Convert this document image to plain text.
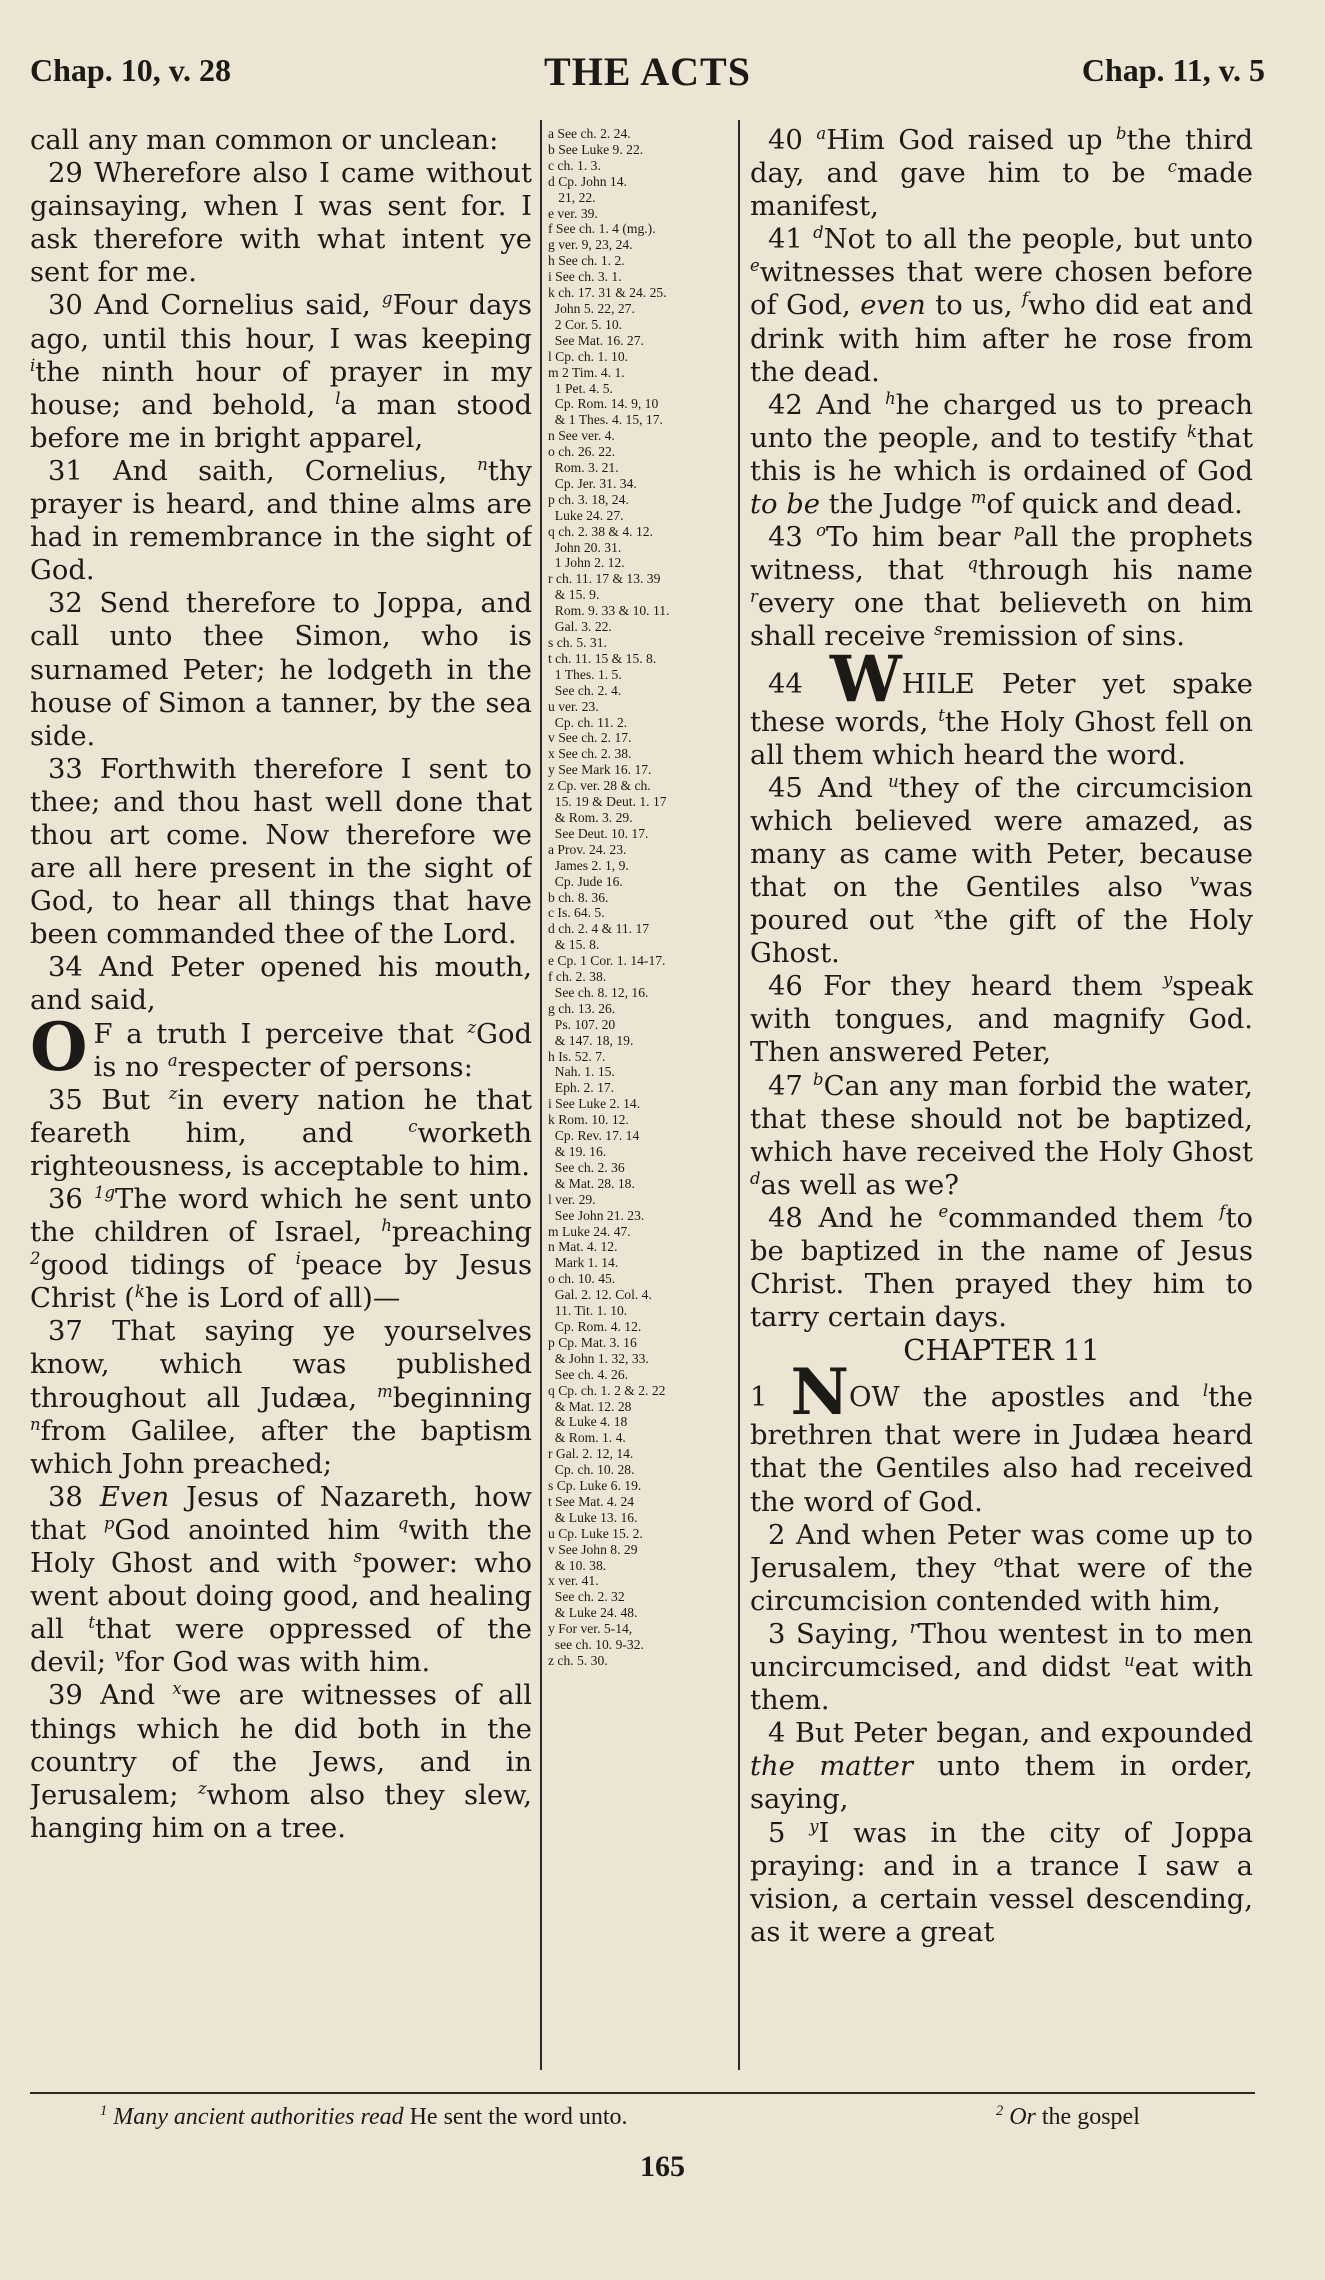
Chap. 10, v. 28	THE ACTS	Chap. 11, v. 5

call any man common or unclean:

29 Wherefore also I came without gainsaying, when I was sent for. I ask therefore with what intent ye sent for me.

30 And Cornelius said, $^g$Four days ago, until this hour, I was keeping $^i$the ninth hour of prayer in my house; and behold, $^l$a man stood before me in bright apparel,

31 And saith, Cornelius, $^n$thy prayer is heard, and thine alms are had in remembrance in the sight of God.

32 Send therefore to Joppa, and call unto thee Simon, who is surnamed Peter; he lodgeth in the house of Simon a tanner, by the sea side.

33 Forthwith therefore I sent to thee; and thou hast well done that thou art come. Now therefore we are all here present in the sight of God, to hear all things that have been commanded thee of the Lord.

34 And Peter opened his mouth, and said,

O F a truth I perceive that $^z$God is no $^a$respecter of persons:

35 But $^z$in every nation he that feareth him, and $^c$worketh righteousness, is acceptable to him.

36 $^{1g}$The word which he sent unto the children of Israel, $^h$preaching $^2$good tidings of $^i$peace by Jesus Christ ($^k$he is Lord of all)—

37 That saying ye yourselves know, which was published throughout all Judæa, $^m$beginning $^n$from Galilee, after the baptism which John preached;

38 Even Jesus of Nazareth, how that $^p$God anointed him $^q$with the Holy Ghost and with $^s$power: who went about doing good, and healing all $^t$that were oppressed of the devil; $^v$for God was with him.

39 And $^x$we are witnesses of all things which he did both in the country of the Jews, and in Jerusalem; $^z$whom also they slew, hanging him on a tree.

a See ch. 2. 24.
b See Luke 9. 22.
c ch. 1. 3.
d Cp. John 14.
21, 22.
e ver. 39.
f See ch. 1. 4 (mg.).
g ver. 9, 23, 24.
h See ch. 1. 2.
i See ch. 3. 1.
k ch. 17. 31 & 24. 25.
John 5. 22, 27.
2 Cor. 5. 10.
See Mat. 16. 27.
l Cp. ch. 1. 10.
m 2 Tim. 4. 1.
1 Pet. 4. 5.
Cp. Rom. 14. 9, 10
& 1 Thes. 4. 15, 17.
n See ver. 4.
o ch. 26. 22.
Rom. 3. 21.
Cp. Jer. 31. 34.
p ch. 3. 18, 24.
Luke 24. 27.
q ch. 2. 38 & 4. 12.
John 20. 31.
1 John 2. 12.
r ch. 11. 17 & 13. 39
& 15. 9.
Rom. 9. 33 & 10. 11.
Gal. 3. 22.
s ch. 5. 31.
t ch. 11. 15 & 15. 8.
1 Thes. 1. 5.
See ch. 2. 4.
u ver. 23.
Cp. ch. 11. 2.
v See ch. 2. 17.
x See ch. 2. 38.
y See Mark 16. 17.
z Cp. ver. 28 & ch.
15. 19 & Deut. 1. 17
& Rom. 3. 29.
See Deut. 10. 17.
a Prov. 24. 23.
James 2. 1, 9.
Cp. Jude 16.
b ch. 8. 36.
c Is. 64. 5.
d ch. 2. 4 & 11. 17
& 15. 8.
e Cp. 1 Cor. 1. 14-17.
f ch. 2. 38.
See ch. 8. 12, 16.
g ch. 13. 26.
Ps. 107. 20
& 147. 18, 19.
h Is. 52. 7.
Nah. 1. 15.
Eph. 2. 17.
i See Luke 2. 14.
k Rom. 10. 12.
Cp. Rev. 17. 14
& 19. 16.
See ch. 2. 36
& Mat. 28. 18.
l ver. 29.
See John 21. 23.
m Luke 24. 47.
n Mat. 4. 12.
Mark 1. 14.
o ch. 10. 45.
Gal. 2. 12. Col. 4.
11. Tit. 1. 10.
Cp. Rom. 4. 12.
p Cp. Mat. 3. 16
& John 1. 32, 33.
See ch. 4. 26.
q Cp. ch. 1. 2 & 2. 22
& Mat. 12. 28
& Luke 4. 18
& Rom. 1. 4.
r Gal. 2. 12, 14.
Cp. ch. 10. 28.
s Cp. Luke 6. 19.
t See Mat. 4. 24
& Luke 13. 16.
u Cp. Luke 15. 2.
v See John 8. 29
& 10. 38.
x ver. 41.
See ch. 2. 32
& Luke 24. 48.
y For ver. 5-14,
see ch. 10. 9-32.
z ch. 5. 30.

40 $^a$Him God raised up $^b$the third day, and gave him to be $^c$made manifest,

41 $^d$Not to all the people, but unto $^e$witnesses that were chosen before of God, even to us, $^f$who did eat and drink with him after he rose from the dead.

42 And $^h$he charged us to preach unto the people, and to testify $^k$that this is he which is ordained of God to be the Judge $^m$of quick and dead.

43 $^o$To him bear $^p$all the prophets witness, that $^q$through his name $^r$every one that believeth on him shall receive $^s$remission of sins.

44 WHILE Peter yet spake these words, $^t$the Holy Ghost fell on all them which heard the word.

45 And $^u$they of the circumcision which believed were amazed, as many as came with Peter, because that on the Gentiles also $^v$was poured out $^x$the gift of the Holy Ghost.

46 For they heard them $^y$speak with tongues, and magnify God. Then answered Peter,

47 $^b$Can any man forbid the water, that these should not be baptized, which have received the Holy Ghost $^d$as well as we?

48 And he $^e$commanded them $^f$to be baptized in the name of Jesus Christ. Then prayed they him to tarry certain days.

CHAPTER 11

1 NOW the apostles and $^l$the brethren that were in Judæa heard that the Gentiles also had received the word of God.

2 And when Peter was come up to Jerusalem, they $^o$that were of the circumcision contended with him,

3 Saying, $^r$Thou wentest in to men uncircumcised, and didst $^u$eat with them.

4 But Peter began, and expounded the matter unto them in order, saying,

5 $^y$I was in the city of Joppa praying: and in a trance I saw a vision, a certain vessel descending, as it were a great

$^1$ Many ancient authorities read He sent the word unto.	$^2$ Or the gospel
165
